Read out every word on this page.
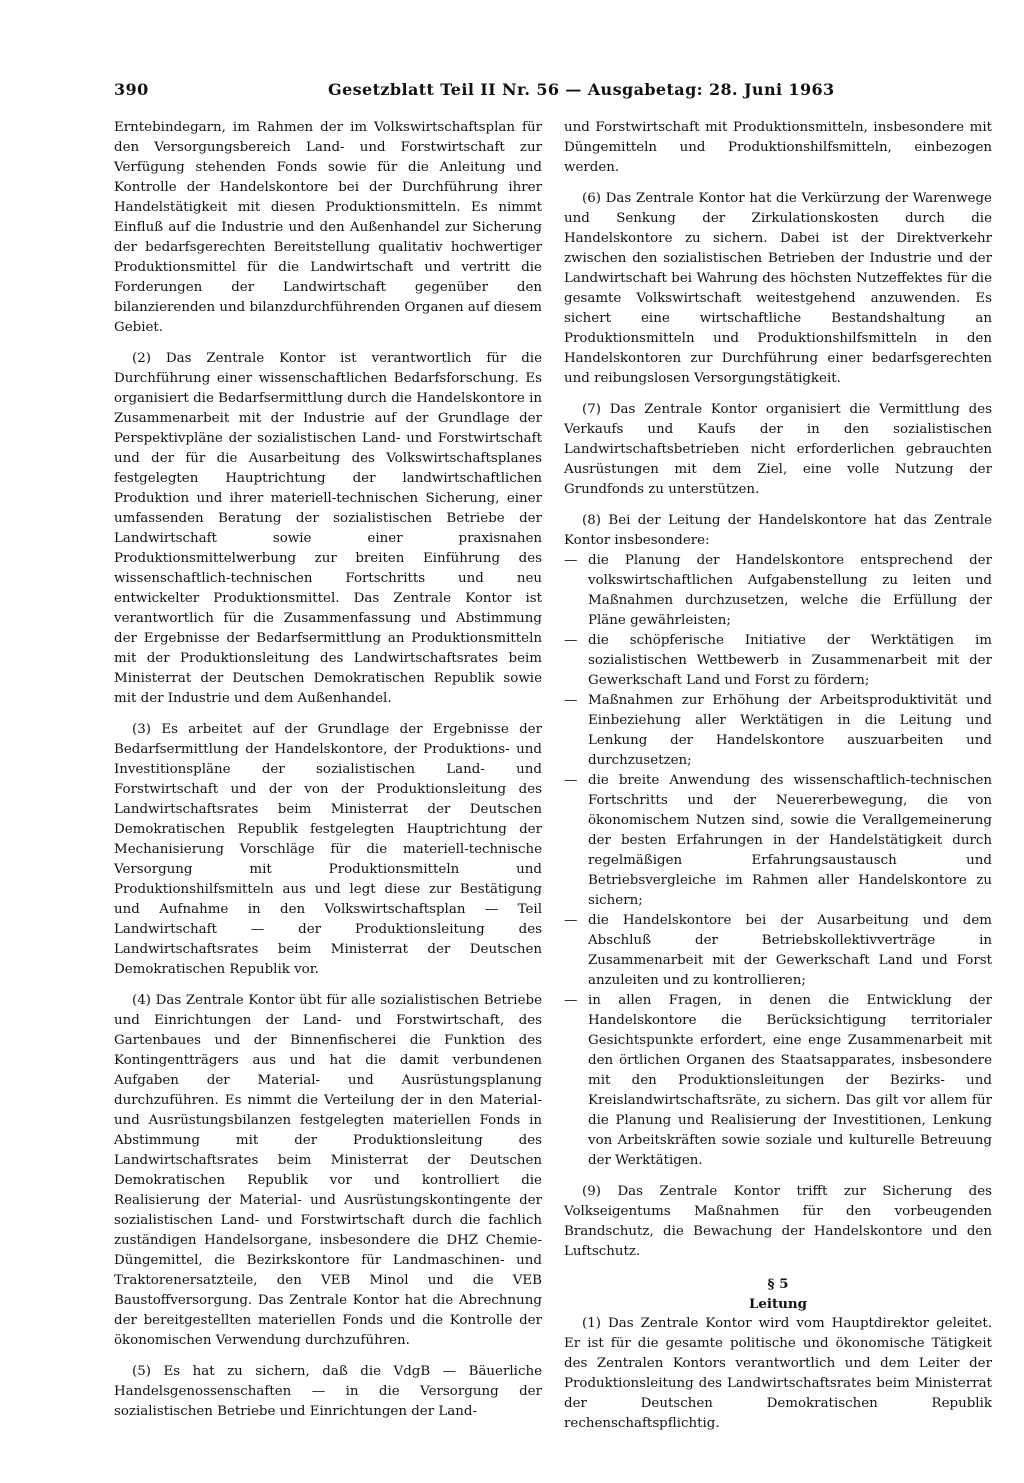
390	Gesetzblatt Teil II Nr. 56 — Ausgabetag: 28. Juni 1963

Erntebindegarn, im Rahmen der im Volkswirtschaftsplan für den Versorgungsbereich Land- und Forstwirtschaft zur Verfügung stehenden Fonds sowie für die Anleitung und Kontrolle der Handelskontore bei der Durchführung ihrer Handelstätigkeit mit diesen Produktionsmitteln. Es nimmt Einfluß auf die Industrie und den Außenhandel zur Sicherung der bedarfsgerechten Bereitstellung qualitativ hochwertiger Produktionsmittel für die Landwirtschaft und vertritt die Forderungen der Landwirtschaft gegenüber den bilanzierenden und bilanzdurchführenden Organen auf diesem Gebiet.

(2) Das Zentrale Kontor ist verantwortlich für die Durchführung einer wissenschaftlichen Bedarfsforschung. Es organisiert die Bedarfsermittlung durch die Handelskontore in Zusammenarbeit mit der Industrie auf der Grundlage der Perspektivpläne der sozialistischen Land- und Forstwirtschaft und der für die Ausarbeitung des Volkswirtschaftsplanes festgelegten Hauptrichtung der landwirtschaftlichen Produktion und ihrer materiell-technischen Sicherung, einer umfassenden Beratung der sozialistischen Betriebe der Landwirtschaft sowie einer praxisnahen Produktionsmittelwerbung zur breiten Einführung des wissenschaftlich-technischen Fortschritts und neu entwickelter Produktionsmittel. Das Zentrale Kontor ist verantwortlich für die Zusammenfassung und Abstimmung der Ergebnisse der Bedarfsermittlung an Produktionsmitteln mit der Produktionsleitung des Landwirtschaftsrates beim Ministerrat der Deutschen Demokratischen Republik sowie mit der Industrie und dem Außenhandel.

(3) Es arbeitet auf der Grundlage der Ergebnisse der Bedarfsermittlung der Handelskontore, der Produktions- und Investitionspläne der sozialistischen Land- und Forstwirtschaft und der von der Produktionsleitung des Landwirtschaftsrates beim Ministerrat der Deutschen Demokratischen Republik festgelegten Hauptrichtung der Mechanisierung Vorschläge für die materiell-technische Versorgung mit Produktionsmitteln und Produktionshilfsmitteln aus und legt diese zur Bestätigung und Aufnahme in den Volkswirtschaftsplan — Teil Landwirtschaft — der Produktionsleitung des Landwirtschaftsrates beim Ministerrat der Deutschen Demokratischen Republik vor.

(4) Das Zentrale Kontor übt für alle sozialistischen Betriebe und Einrichtungen der Land- und Forstwirtschaft, des Gartenbaues und der Binnenfischerei die Funktion des Kontingentträgers aus und hat die damit verbundenen Aufgaben der Material- und Ausrüstungsplanung durchzuführen. Es nimmt die Verteilung der in den Material- und Ausrüstungsbilanzen festgelegten materiellen Fonds in Abstimmung mit der Produktionsleitung des Landwirtschaftsrates beim Ministerrat der Deutschen Demokratischen Republik vor und kontrolliert die Realisierung der Material- und Ausrüstungskontingente der sozialistischen Land- und Forstwirtschaft durch die fachlich zuständigen Handelsorgane, insbesondere die DHZ Chemie-Düngemittel, die Bezirkskontore für Landmaschinen- und Traktorenersatzteile, den VEB Minol und die VEB Baustoffversorgung. Das Zentrale Kontor hat die Abrechnung der bereitgestellten materiellen Fonds und die Kontrolle der ökonomischen Verwendung durchzuführen.

(5) Es hat zu sichern, daß die VdgB — Bäuerliche Handelsgenossenschaften — in die Versorgung der sozialistischen Betriebe und Einrichtungen der Land-

und Forstwirtschaft mit Produktionsmitteln, insbesondere mit Düngemitteln und Produktionshilfsmitteln, einbezogen werden.

(6) Das Zentrale Kontor hat die Verkürzung der Warenwege und Senkung der Zirkulationskosten durch die Handelskontore zu sichern. Dabei ist der Direktverkehr zwischen den sozialistischen Betrieben der Industrie und der Landwirtschaft bei Wahrung des höchsten Nutzeffektes für die gesamte Volkswirtschaft weitestgehend anzuwenden. Es sichert eine wirtschaftliche Bestandshaltung an Produktionsmitteln und Produktionshilfsmitteln in den Handelskontoren zur Durchführung einer bedarfsgerechten und reibungslosen Versorgungstätigkeit.

(7) Das Zentrale Kontor organisiert die Vermittlung des Verkaufs und Kaufs der in den sozialistischen Landwirtschaftsbetrieben nicht erforderlichen gebrauchten Ausrüstungen mit dem Ziel, eine volle Nutzung der Grundfonds zu unterstützen.

(8) Bei der Leitung der Handelskontore hat das Zentrale Kontor insbesondere:

— die Planung der Handelskontore entsprechend der volkswirtschaftlichen Aufgabenstellung zu leiten und Maßnahmen durchzusetzen, welche die Erfüllung der Pläne gewährleisten;
— die schöpferische Initiative der Werktätigen im sozialistischen Wettbewerb in Zusammenarbeit mit der Gewerkschaft Land und Forst zu fördern;
— Maßnahmen zur Erhöhung der Arbeitsproduktivität und Einbeziehung aller Werktätigen in die Leitung und Lenkung der Handelskontore auszuarbeiten und durchzusetzen;
— die breite Anwendung des wissenschaftlich-technischen Fortschritts und der Neuererbewegung, die von ökonomischem Nutzen sind, sowie die Verallgemeinerung der besten Erfahrungen in der Handelstätigkeit durch regelmäßigen Erfahrungsaustausch und Betriebsvergleiche im Rahmen aller Handelskontore zu sichern;
— die Handelskontore bei der Ausarbeitung und dem Abschluß der Betriebskollektivverträge in Zusammenarbeit mit der Gewerkschaft Land und Forst anzuleiten und zu kontrollieren;
— in allen Fragen, in denen die Entwicklung der Handelskontore die Berücksichtigung territorialer Gesichtspunkte erfordert, eine enge Zusammenarbeit mit den örtlichen Organen des Staatsapparates, insbesondere mit den Produktionsleitungen der Bezirks- und Kreislandwirtschaftsräte, zu sichern. Das gilt vor allem für die Planung und Realisierung der Investitionen, Lenkung von Arbeitskräften sowie soziale und kulturelle Betreuung der Werktätigen.

(9) Das Zentrale Kontor trifft zur Sicherung des Volkseigentums Maßnahmen für den vorbeugenden Brandschutz, die Bewachung der Handelskontore und den Luftschutz.

§ 5

Leitung

(1) Das Zentrale Kontor wird vom Hauptdirektor geleitet. Er ist für die gesamte politische und ökonomische Tätigkeit des Zentralen Kontors verantwortlich und dem Leiter der Produktionsleitung des Landwirtschaftsrates beim Ministerrat der Deutschen Demokratischen Republik rechenschaftspflichtig.
